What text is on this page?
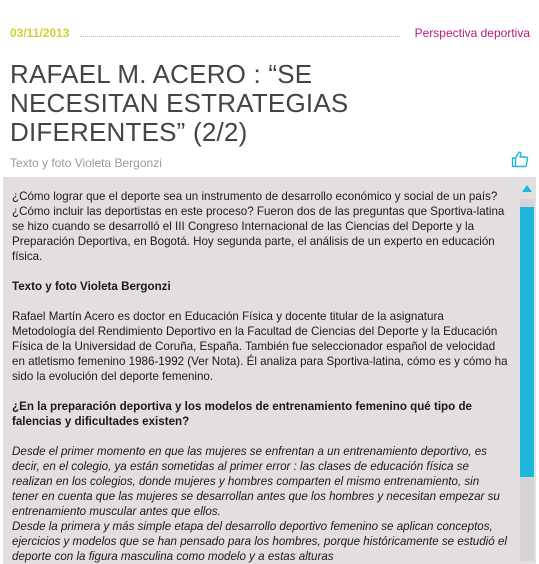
03/11/2013	Perspectiva deportiva
RAFAEL M. ACERO : “SE NECESITAN ESTRATEGIAS DIFERENTES” (2/2)
Texto y foto Violeta Bergonzi

¿Cómo lograr que el deporte sea un instrumento de desarrollo económico y social de un país? ¿Cómo incluir las deportistas en este proceso? Fueron dos de las preguntas que Sportiva-latina se hizo cuando se desarrolló el III Congreso Internacional de las Ciencias del Deporte y la Preparación Deportiva, en Bogotá. Hoy segunda parte, el análisis de un experto en educación física.

Texto y foto Violeta Bergonzi

Rafael Martín Acero es doctor en Educación Física y docente titular de la asignatura Metodología del Rendimiento Deportivo en la Facultad de Ciencias del Deporte y la Educación Física de la Universidad de Coruña, España. También fue seleccionador español de velocidad en atletismo femenino 1986-1992 (Ver Nota). Él analiza para Sportiva-latina, cómo es y cómo ha sido la evolución del deporte femenino.

¿En la preparación deportiva y los modelos de entrenamiento femenino qué tipo de falencias y dificultades existen?

Desde el primer momento en que las mujeres se enfrentan a un entrenamiento deportivo, es decir, en el colegio, ya están sometidas al primer error : las clases de educación física se realizan en los colegios, donde mujeres y hombres comparten el mismo entrenamiento, sin tener en cuenta que las mujeres se desarrollan antes que los hombres y necesitan empezar su entrenamiento muscular antes que ellos.

Desde la primera y más simple etapa del desarrollo deportivo femenino se aplican conceptos, ejercicios y modelos que se han pensado para los hombres, porque históricamente se estudió el deporte con la figura masculina como modelo y a estas alturas
